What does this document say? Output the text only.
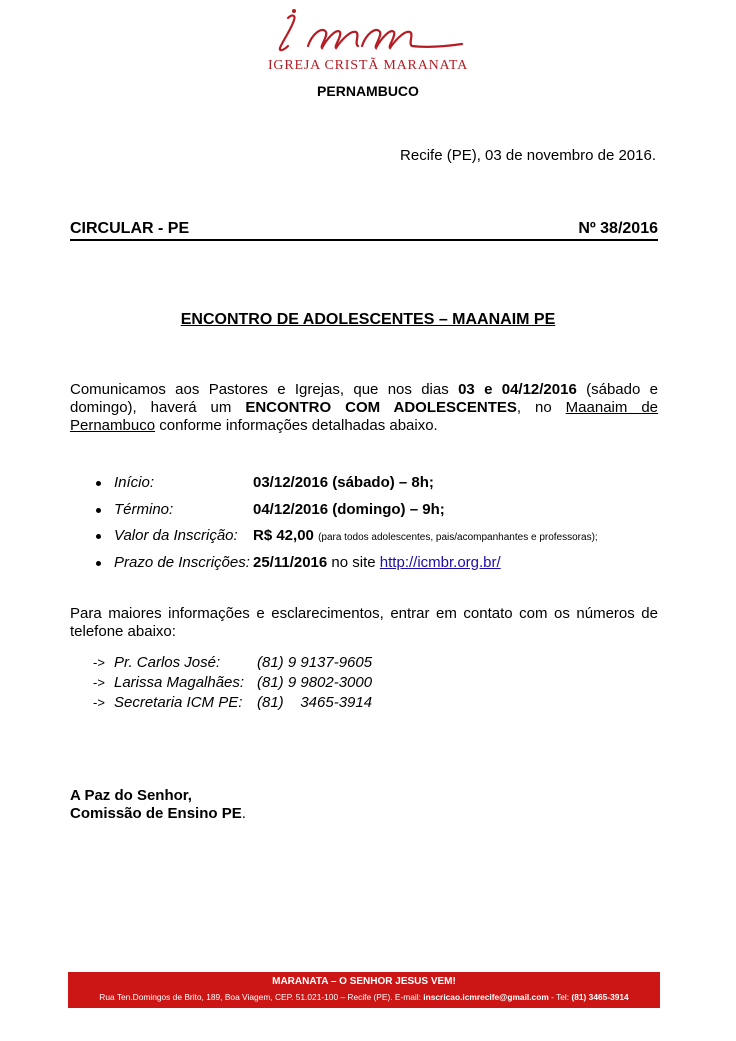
IGREJA CRISTÃ MARANATA
PERNAMBUCO
Recife (PE), 03 de novembro de 2016.
CIRCULAR - PE	Nº 38/2016
ENCONTRO DE ADOLESCENTES – MAANAIM PE
Comunicamos aos Pastores e Igrejas, que nos dias 03 e 04/12/2016 (sábado e domingo), haverá um ENCONTRO COM ADOLESCENTES, no Maanaim de Pernambuco conforme informações detalhadas abaixo.
Início:	03/12/2016 (sábado) – 8h;
Término:	04/12/2016 (domingo) – 9h;
Valor da Inscrição: R$ 42,00 (para todos adolescentes, pais/acompanhantes e professoras);
Prazo de Inscrições: 25/11/2016 no site http://icmbr.org.br/
Para maiores informações e esclarecimentos, entrar em contato com os números de telefone abaixo:
-> Pr. Carlos José: (81) 9 9137-9605
-> Larissa Magalhães: (81) 9 9802-3000
-> Secretaria ICM PE: (81)    3465-3914
A Paz do Senhor,
Comissão de Ensino PE.
MARANATA – O SENHOR JESUS VEM!
Rua Ten.Domingos de Brito, 189, Boa Viagem, CEP. 51.021-100 – Recife (PE). E-mail: inscricao.icmrecife@gmail.com - Tel: (81) 3465-3914
